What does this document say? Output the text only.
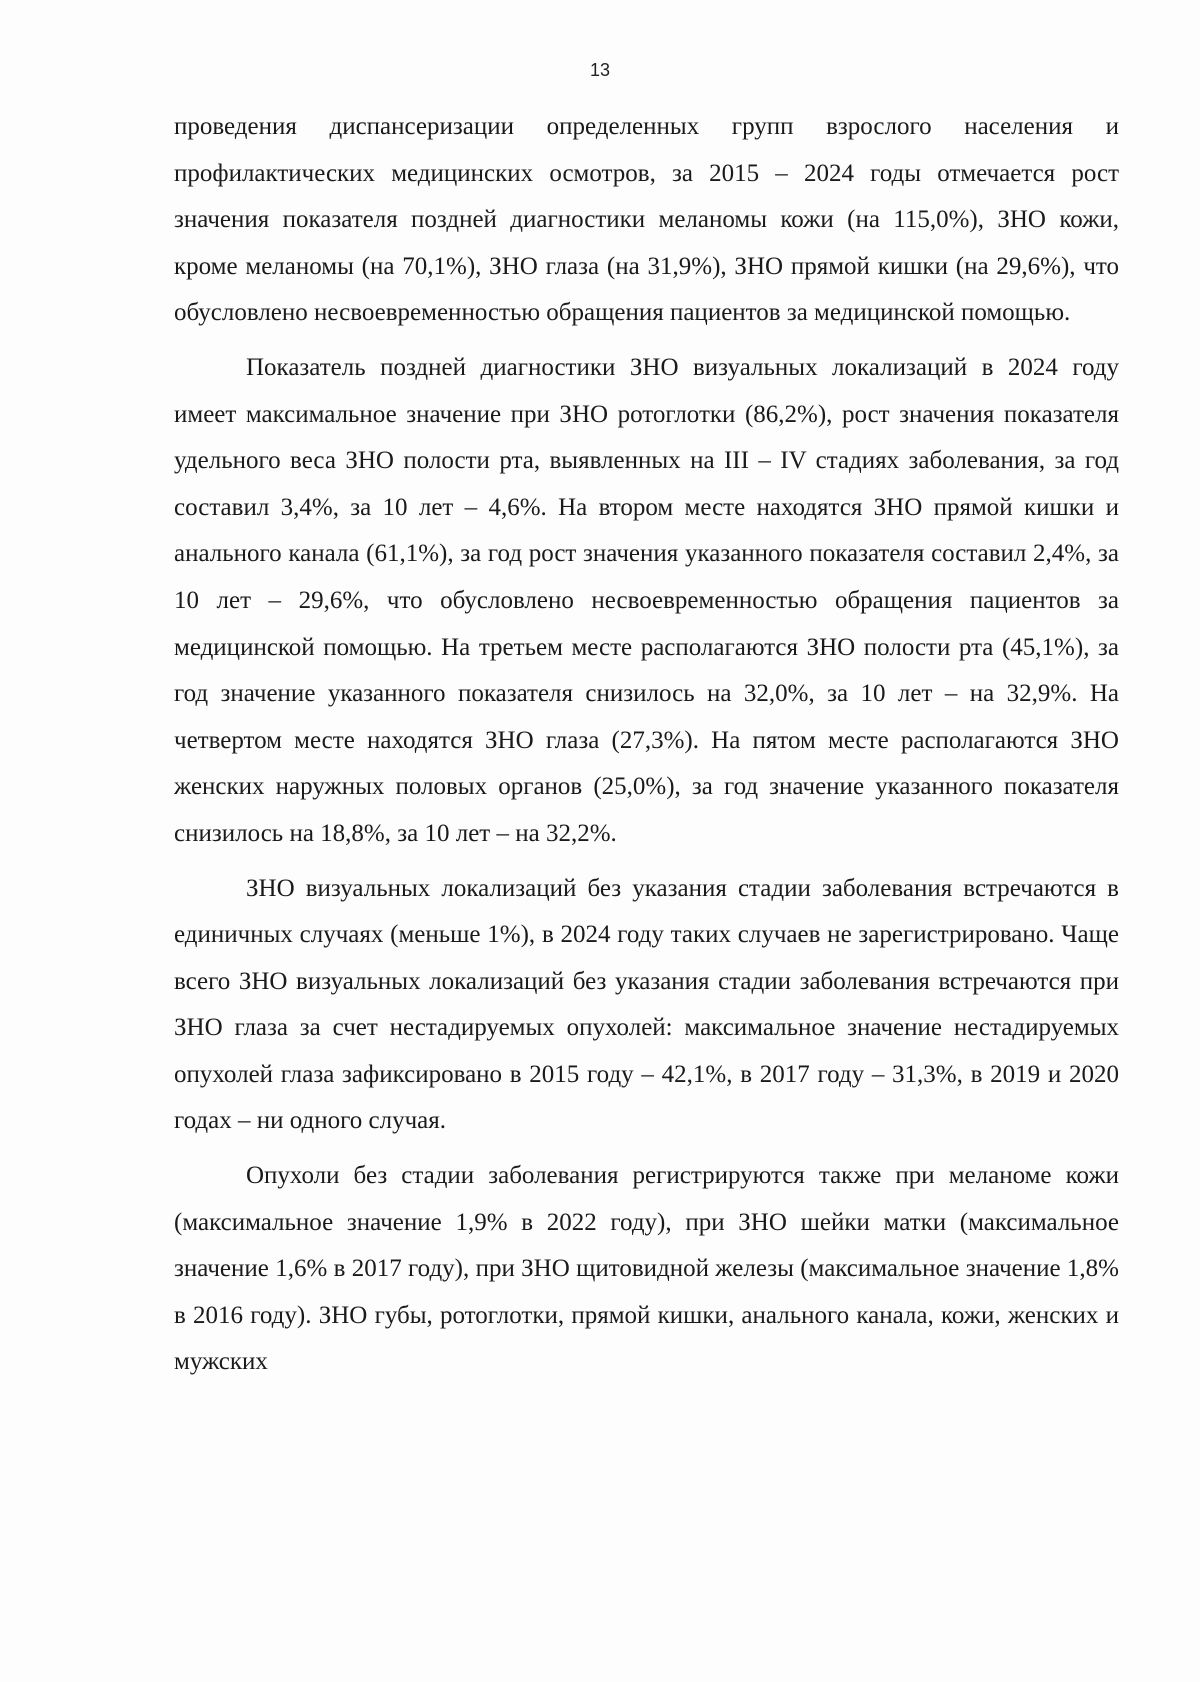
13

проведения диспансеризации определенных групп взрослого населения и профилактических медицинских осмотров, за 2015 – 2024 годы отмечается рост значения показателя поздней диагностики меланомы кожи (на 115,0%), ЗНО кожи, кроме меланомы (на 70,1%), ЗНО глаза (на 31,9%), ЗНО прямой кишки (на 29,6%), что обусловлено несвоевременностью обращения пациентов за медицинской помощью.

Показатель поздней диагностики ЗНО визуальных локализаций в 2024 году имеет максимальное значение при ЗНО ротоглотки (86,2%), рост значения показателя удельного веса ЗНО полости рта, выявленных на III – IV стадиях заболевания, за год составил 3,4%, за 10 лет – 4,6%. На втором месте находятся ЗНО прямой кишки и анального канала (61,1%), за год рост значения указанного показателя составил 2,4%, за 10 лет – 29,6%, что обусловлено несвоевременностью обращения пациентов за медицинской помощью. На третьем месте располагаются ЗНО полости рта (45,1%), за год значение указанного показателя снизилось на 32,0%, за 10 лет – на 32,9%. На четвертом месте находятся ЗНО глаза (27,3%). На пятом месте располагаются ЗНО женских наружных половых органов (25,0%), за год значение указанного показателя снизилось на 18,8%, за 10 лет – на 32,2%.

ЗНО визуальных локализаций без указания стадии заболевания встречаются в единичных случаях (меньше 1%), в 2024 году таких случаев не зарегистрировано. Чаще всего ЗНО визуальных локализаций без указания стадии заболевания встречаются при ЗНО глаза за счет нестадируемых опухолей: максимальное значение нестадируемых опухолей глаза зафиксировано в 2015 году – 42,1%, в 2017 году – 31,3%, в 2019 и 2020 годах – ни одного случая.

Опухоли без стадии заболевания регистрируются также при меланоме кожи (максимальное значение 1,9% в 2022 году), при ЗНО шейки матки (максимальное значение 1,6% в 2017 году), при ЗНО щитовидной железы (максимальное значение 1,8% в 2016 году). ЗНО губы, ротоглотки, прямой кишки, анального канала, кожи, женских и мужских
